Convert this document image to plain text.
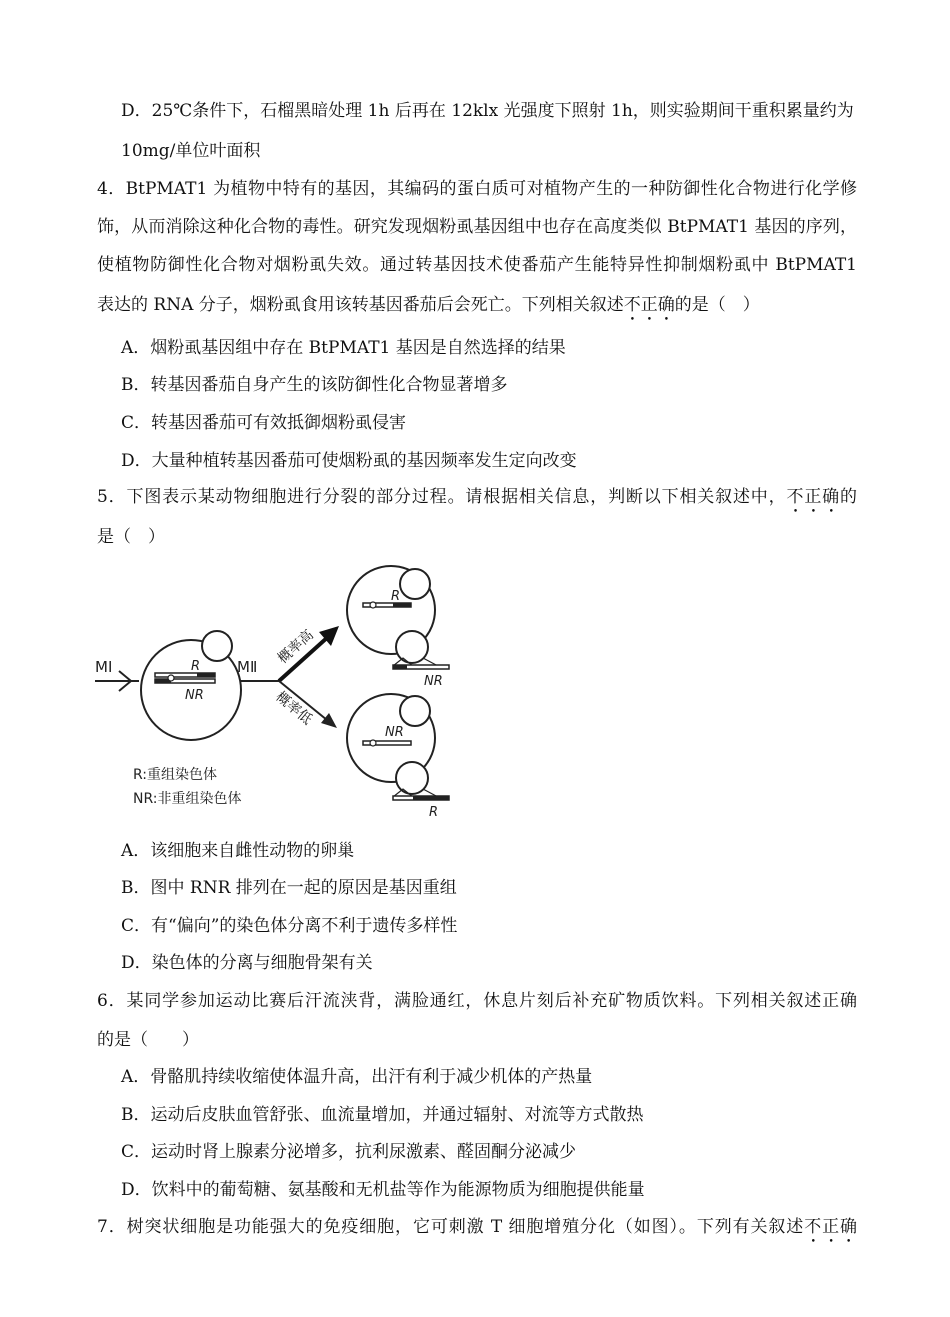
D．25℃条件下，石榴黑暗处理 1h 后再在 12klx 光强度下照射 1h，则实验期间干重积累量约为
10mg/单位叶面积
4．BtPMAT1 为植物中特有的基因，其编码的蛋白质可对植物产生的一种防御性化合物进行化学修
饰，从而消除这种化合物的毒性。研究发现烟粉虱基因组中也存在高度类似 BtPMAT1 基因的序列，
使植物防御性化合物对烟粉虱失效。通过转基因技术使番茄产生能特异性抑制烟粉虱中 BtPMAT1
表达的 RNA 分子，烟粉虱食用该转基因番茄后会死亡。下列相关叙述不正确的是（　）
A．烟粉虱基因组中存在 BtPMAT1 基因是自然选择的结果
B．转基因番茄自身产生的该防御性化合物显著增多
C．转基因番茄可有效抵御烟粉虱侵害
D．大量种植转基因番茄可使烟粉虱的基因频率发生定向改变
5．下图表示某动物细胞进行分裂的部分过程。请根据相关信息，判断以下相关叙述中，不正确的
是（　）
MⅠ	MⅡ
R
NR
R
NR
NR
R
概率高
概率低
R:重组染色体
NR:非重组染色体
A．该细胞来自雌性动物的卵巢
B．图中 RNR 排列在一起的原因是基因重组
C．有“偏向”的染色体分离不利于遗传多样性
D．染色体的分离与细胞骨架有关
6．某同学参加运动比赛后汗流浃背，满脸通红，休息片刻后补充矿物质饮料。下列相关叙述正确
的是（　　）
A．骨骼肌持续收缩使体温升高，出汗有利于减少机体的产热量
B．运动后皮肤血管舒张、血流量增加，并通过辐射、对流等方式散热
C．运动时肾上腺素分泌增多，抗利尿激素、醛固酮分泌减少
D．饮料中的葡萄糖、氨基酸和无机盐等作为能源物质为细胞提供能量
7．树突状细胞是功能强大的免疫细胞，它可刺激 T 细胞增殖分化（如图）。下列有关叙述不正确
